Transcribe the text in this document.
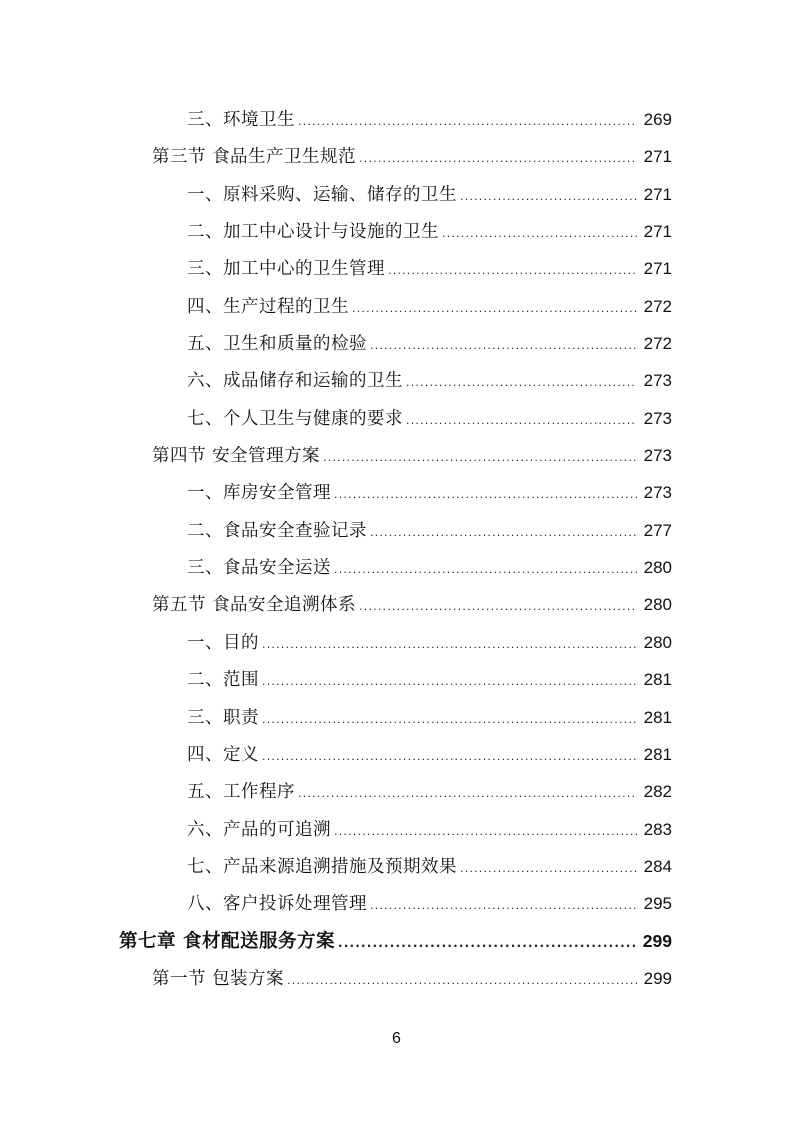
三、环境卫生 .....	269
第三节 食品生产卫生规范 .....	271
一、原料采购、运输、储存的卫生 .....	271
二、加工中心设计与设施的卫生 .....	271
三、加工中心的卫生管理 .....	271
四、生产过程的卫生 .....	272
五、卫生和质量的检验 .....	272
六、成品储存和运输的卫生 .....	273
七、个人卫生与健康的要求 .....	273
第四节 安全管理方案 .....	273
一、库房安全管理 .....	273
二、食品安全查验记录 .....	277
三、食品安全运送 .....	280
第五节 食品安全追溯体系 .....	280
一、目的 .....	280
二、范围 .....	281
三、职责 .....	281
四、定义 .....	281
五、工作程序 .....	282
六、产品的可追溯 .....	283
七、产品来源追溯措施及预期效果 .....	284
八、客户投诉处理管理 .....	295
第七章 食材配送服务方案 .....	299
第一节 包装方案 .....	299
6
